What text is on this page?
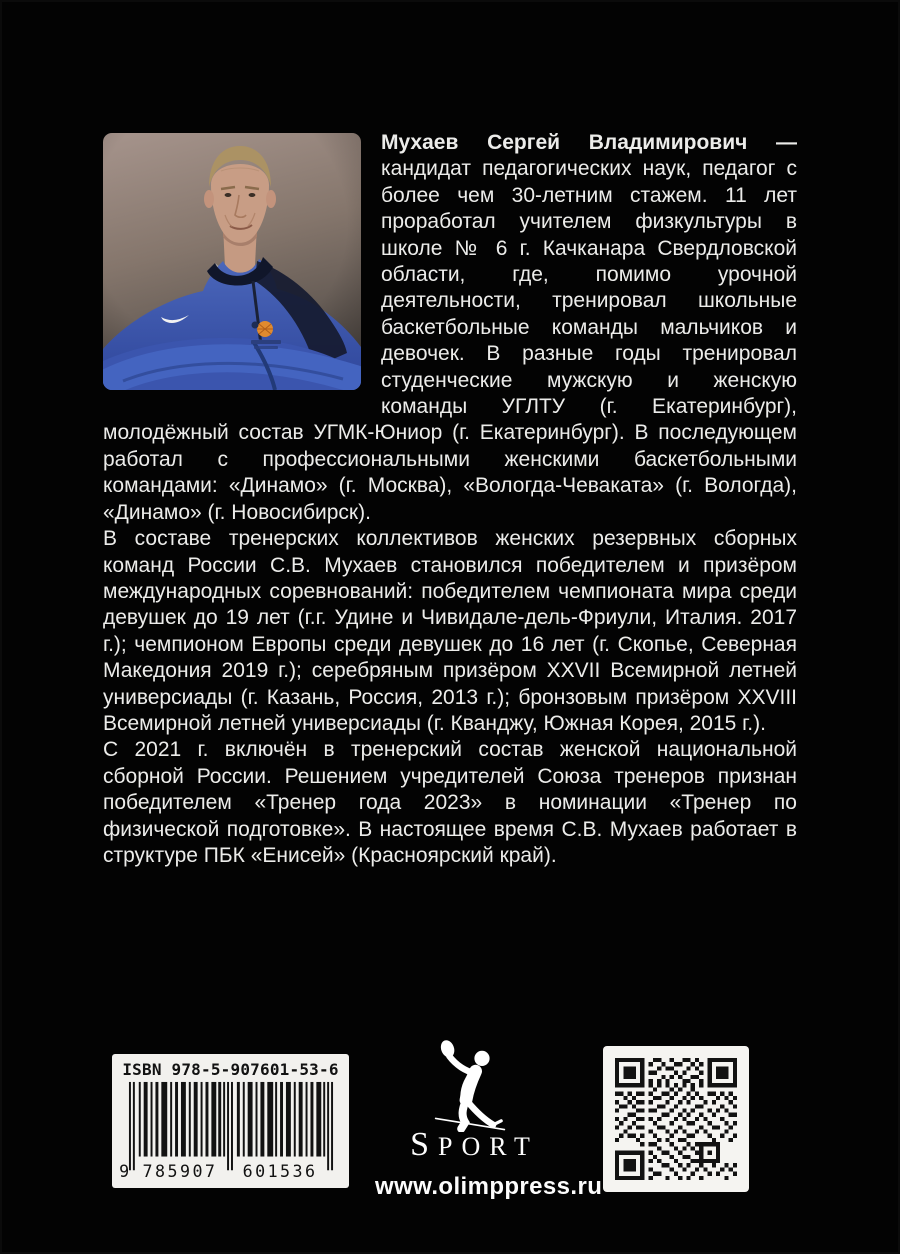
Мухаев Сергей Владимирович — кандидат педагогических наук, педагог с более чем 30-летним стажем. 11 лет проработал учителем физкультуры в школе № 6 г. Качканара Свердловской области, где, помимо урочной деятельности, тренировал школьные баскетбольные команды мальчиков и девочек. В разные годы тренировал студенческие мужскую и женскую команды УГЛТУ (г. Екатеринбург), молодёжный состав УГМК-Юниор (г. Екатеринбург). В последующем работал с профессиональными женскими баскетбольными командами: «Динамо» (г. Москва), «Вологда-Чеваката» (г. Вологда), «Динамо» (г. Новосибирск).

В составе тренерских коллективов женских резервных сборных команд России С.В. Мухаев становился победителем и призёром международных соревнований: победителем чемпионата мира среди девушек до 19 лет (г.г. Удине и Чивидале-дель-Фриули, Италия. 2017 г.); чемпионом Европы среди девушек до 16 лет (г. Скопье, Северная Македония 2019 г.); серебряным призёром XXVII Всемирной летней универсиады (г. Казань, Россия, 2013 г.); бронзовым призёром XXVIII Всемирной летней универсиады (г. Кванджу, Южная Корея, 2015 г.).

С 2021 г. включён в тренерский состав женской национальной сборной России. Решением учредителей Союза тренеров признан победителем «Тренер года 2023» в номинации «Тренер по физической подготовке». В настоящее время С.В. Мухаев работает в структуре ПБК «Енисей» (Красноярский край).

ISBN 978-5-907601-53-6
9 785907 601536
SPORT
www.olimppress.ru
